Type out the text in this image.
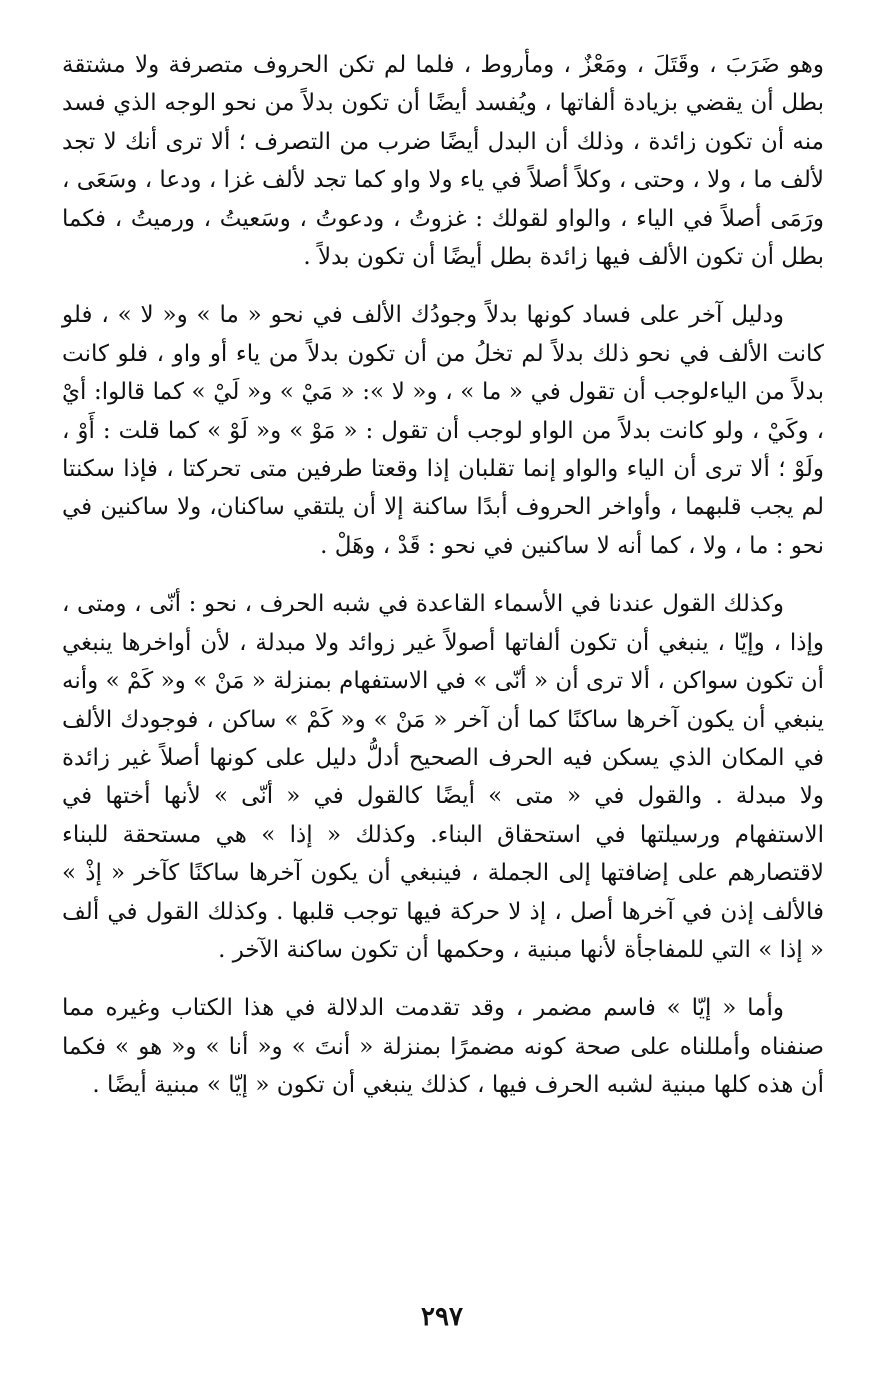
وهو ضَرَبَ ، وقَتَلَ ، ومَعْزٌ ، ومأروط ، فلما لم تكن الحروف متصرفة ولا مشتقة بطل أن يقضي بزيادة ألفاتها ، ويُفسد أيضًا أن تكون بدلاً من نحو الوجه الذي فسد منه أن تكون زائدة ، وذلك أن البدل أيضًا ضرب من التصرف ؛ ألا ترى أنك لا تجد لألف ما ، ولا ، وحتى ، وكلاً أصلاً في ياء ولا واو كما تجد لألف غزا ، ودعا ، وسَعَى ، ورَمَى أصلاً في الياء ، والواو لقولك : غزوتُ ، ودعوتُ ، وسَعيتُ ، ورميتُ ، فكما بطل أن تكون الألف فيها زائدة بطل أيضًا أن تكون بدلاً .

ودليل آخر على فساد كونها بدلاً وجودُك الألف في نحو « ما » و« لا » ، فلو كانت الألف في نحو ذلك بدلاً لم تخلُ من أن تكون بدلاً من ياء أو واو ، فلو كانت بدلاً من الياءلوجب أن تقول في « ما » ، و« لا »: « مَيْ » و« لَيْ » كما قالوا: أيْ ، وكَيْ ، ولو كانت بدلاً من الواو لوجب أن تقول : « مَوْ » و« لَوْ » كما قلت : أَوْ ، ولَوْ ؛ ألا ترى أن الياء والواو إنما تقلبان إذا وقعتا طرفين متى تحركتا ، فإذا سكنتا لم يجب قلبهما ، وأواخر الحروف أبدًا ساكنة إلا أن يلتقي ساكنان، ولا ساكنين في نحو : ما ، ولا ، كما أنه لا ساكنين في نحو : قَدْ ، وهَلْ .

وكذلك القول عندنا في الأسماء القاعدة في شبه الحرف ، نحو : أنّى ، ومتى ، وإذا ، وإيّا ، ينبغي أن تكون ألفاتها أصولاً غير زوائد ولا مبدلة ، لأن أواخرها ينبغي أن تكون سواكن ، ألا ترى أن « أنّى » في الاستفهام بمنزلة « مَنْ » و« كَمْ » وأنه ينبغي أن يكون آخرها ساكنًا كما أن آخر « مَنْ » و« كَمْ » ساكن ، فوجودك الألف في المكان الذي يسكن فيه الحرف الصحيح أدلُّ دليل على كونها أصلاً غير زائدة ولا مبدلة . والقول في « متى » أيضًا كالقول في « أنّى » لأنها أختها في الاستفهام ورسيلتها في استحقاق البناء. وكذلك « إذا » هي مستحقة للبناء لاقتصارهم على إضافتها إلى الجملة ، فينبغي أن يكون آخرها ساكنًا كآخر « إذْ » فالألف إذن في آخرها أصل ، إذ لا حركة فيها توجب قلبها . وكذلك القول في ألف « إذا » التي للمفاجأة لأنها مبنية ، وحكمها أن تكون ساكنة الآخر .

وأما « إيّا » فاسم مضمر ، وقد تقدمت الدلالة في هذا الكتاب وغيره مما صنفناه وأمللناه على صحة كونه مضمرًا بمنزلة « أنتَ » و« أنا » و« هو » فكما أن هذه كلها مبنية لشبه الحرف فيها ، كذلك ينبغي أن تكون « إيّا » مبنية أيضًا .

٢٩٧
